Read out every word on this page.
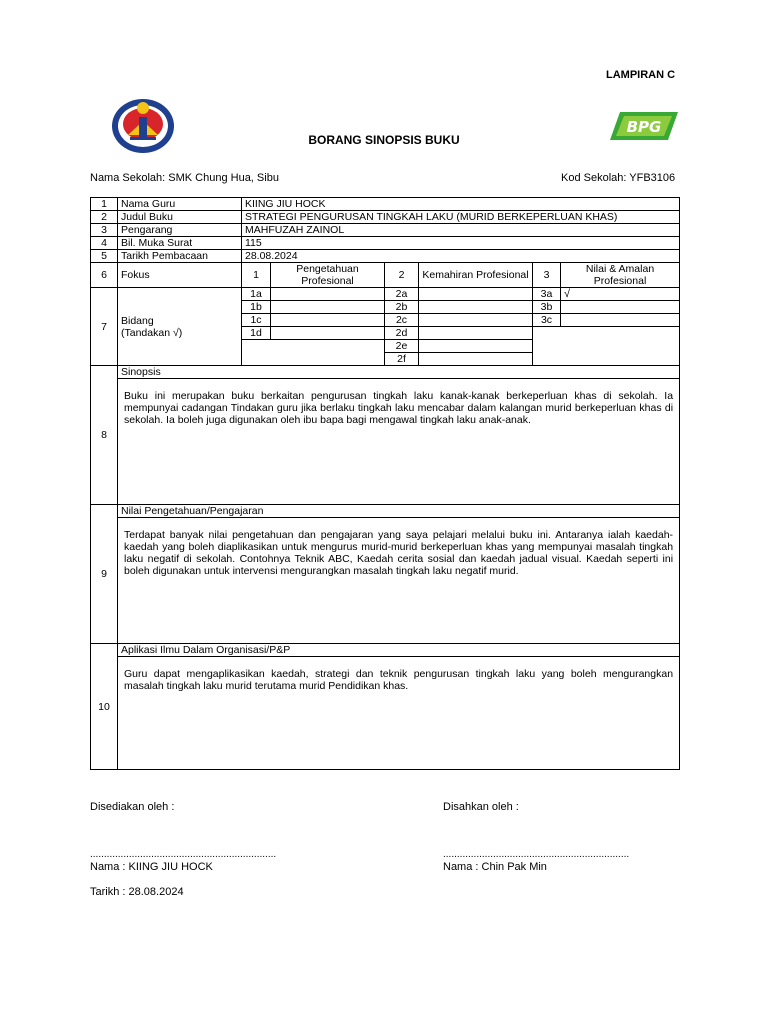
LAMPIRAN C
BORANG SINOPSIS BUKU
BPG
Nama Sekolah: SMK Chung Hua, Sibu	Kod Sekolah: YFB3106
1	Nama Guru	KIING JIU HOCK					
2	Judul Buku	STRATEGI PENGURUSAN TINGKAH LAKU (MURID BERKEPERLUAN KHAS)					
3	Pengarang	MAHFUZAH ZAINOL					
4	Bil. Muka Surat	115					
5	Tarikh Pembacaan	28.08.2024					
6	Fokus	1	Pengetahuan Profesional	2	Kemahiran Profesional	3	Nilai & Amalan Profesional
7	Bidang
(Tandakan √)	1a		2a		3a	√
		1b		2b		3b	
		1c		2c		3c	
		1d		2d			
				2e			
				2f			
8	Sinopsis						
	Buku ini merupakan buku berkaitan pengurusan tingkah laku kanak-kanak berkeperluan khas di sekolah. Ia mempunyai cadangan Tindakan guru jika berlaku tingkah laku mencabar dalam kalangan murid berkeperluan khas di sekolah. Ia boleh juga digunakan oleh ibu bapa bagi mengawal tingkah laku anak-anak.						
9	Nilai Pengetahuan/Pengajaran						
	Terdapat banyak nilai pengetahuan dan pengajaran yang saya pelajari melalui buku ini. Antaranya ialah kaedah-kaedah yang boleh diaplikasikan untuk mengurus murid-murid berkeperluan khas yang mempunyai masalah tingkah laku negatif di sekolah. Contohnya Teknik ABC, Kaedah cerita sosial dan kaedah jadual visual. Kaedah seperti ini boleh digunakan untuk intervensi mengurangkan masalah tingkah laku negatif murid.						
10	Aplikasi Ilmu Dalam Organisasi/P&P						
	Guru dapat mengaplikasikan kaedah, strategi dan teknik pengurusan tingkah laku yang boleh mengurangkan masalah tingkah laku murid terutama murid Pendidikan khas.						
Disediakan oleh :	Disahkan oleh :
...................................................................	...................................................................
Nama : KIING JIU HOCK	Nama : Chin Pak Min
Tarikh : 28.08.2024
